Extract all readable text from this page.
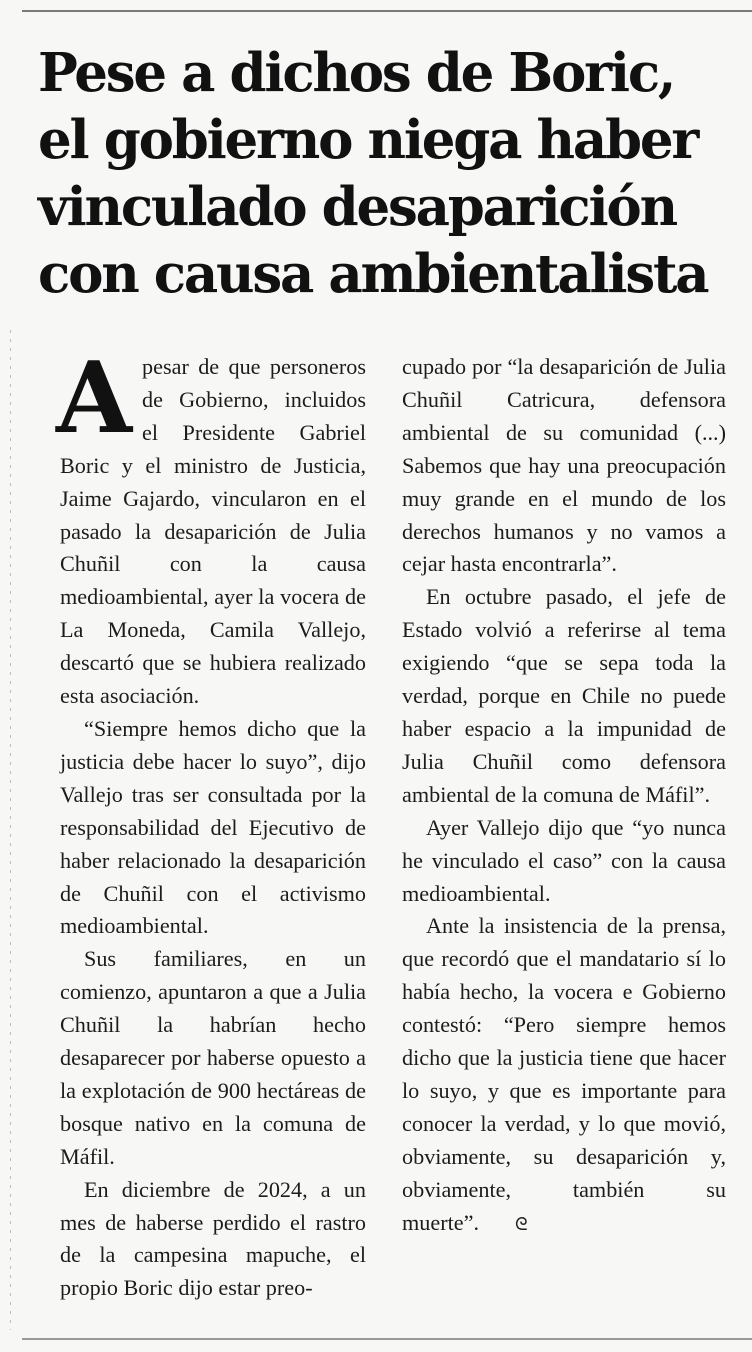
Pese a dichos de Boric,
el gobierno niega haber
vinculado desaparición
con causa ambientalista

Apesar de que personeros de Gobierno, incluidos el Presidente Gabriel Boric y el ministro de Justicia, Jaime Gajardo, vincularon en el pasado la desaparición de Julia Chuñil con la causa medioambiental, ayer la vocera de La Moneda, Camila Vallejo, descartó que se hubiera realizado esta asociación.

“Siempre hemos dicho que la justicia debe hacer lo suyo”, dijo Vallejo tras ser consultada por la responsabilidad del Ejecutivo de haber relacionado la desaparición de Chuñil con el activismo medioambiental.

Sus familiares, en un comienzo, apuntaron a que a Julia Chuñil la habrían hecho desaparecer por haberse opuesto a la explotación de 900 hectáreas de bosque nativo en la comuna de Máfil.

En diciembre de 2024, a un mes de haberse perdido el rastro de la campesina mapuche, el propio Boric dijo estar preo-

cupado por “la desaparición de Julia Chuñil Catricura, defensora ambiental de su comunidad (...) Sabemos que hay una preocupación muy grande en el mundo de los derechos humanos y no vamos a cejar hasta encontrarla”.

En octubre pasado, el jefe de Estado volvió a referirse al tema exigiendo “que se sepa toda la verdad, porque en Chile no puede haber espacio a la impunidad de Julia Chuñil como defensora ambiental de la comuna de Máfil”.

Ayer Vallejo dijo que “yo nunca he vinculado el caso” con la causa medioambiental.

Ante la insistencia de la prensa, que recordó que el mandatario sí lo había hecho, la vocera e Gobierno contestó: “Pero siempre hemos dicho que la justicia tiene que hacer lo suyo, y que es importante para conocer la verdad, y lo que movió, obviamente, su desaparición y, obviamente, también su muerte”. ᘓ
